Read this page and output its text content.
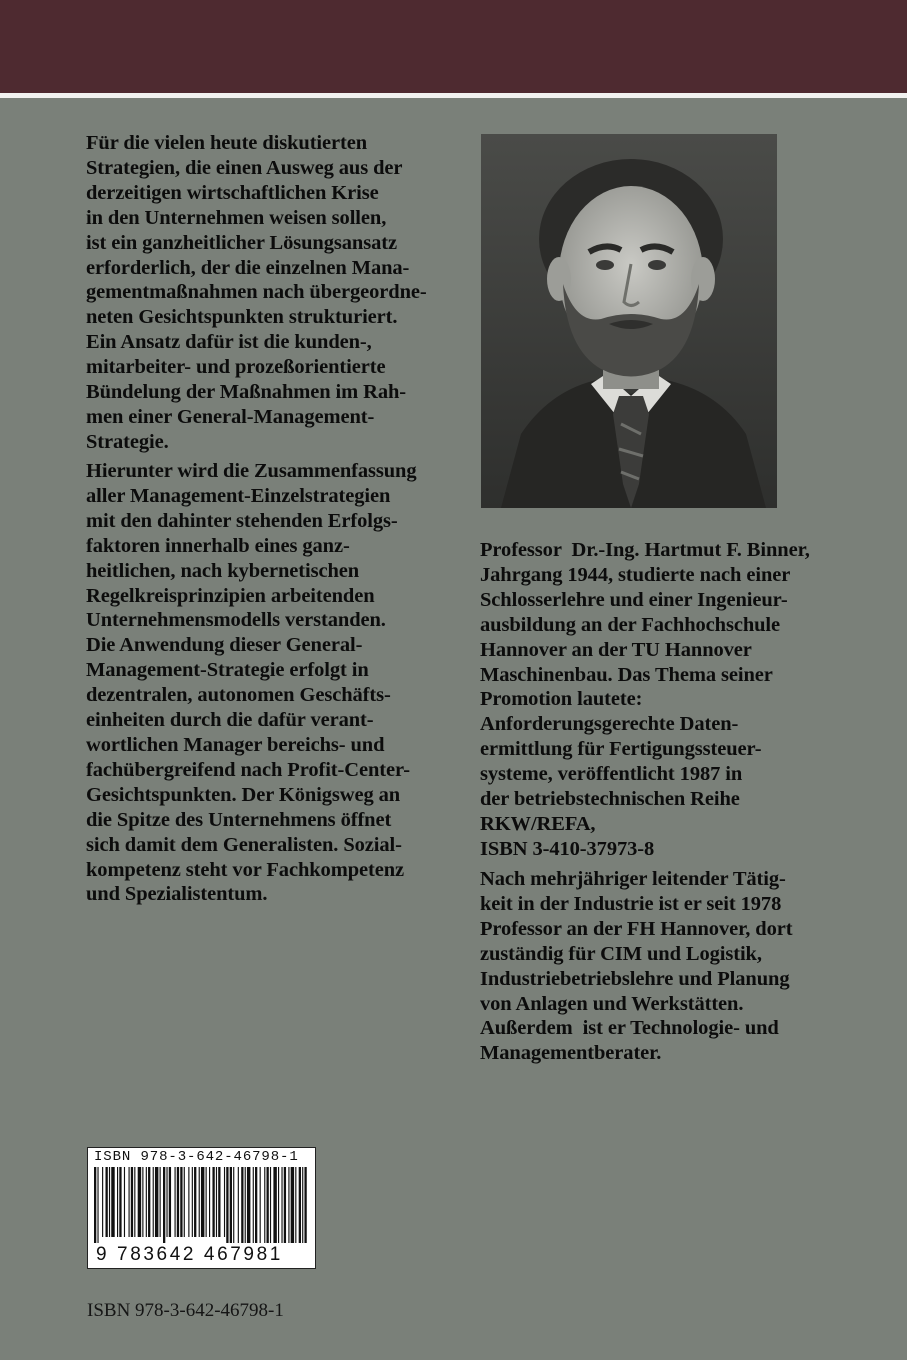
Für die vielen heute diskutierten
Strategien, die einen Ausweg aus der
derzeitigen wirtschaftlichen Krise
in den Unternehmen weisen sollen,
ist ein ganzheitlicher Lösungsansatz
erforderlich, der die einzelnen Mana-
gementmaßnahmen nach übergeordne-
neten Gesichtspunkten strukturiert.
Ein Ansatz dafür ist die kunden-,
mitarbeiter- und prozeßorientierte
Bündelung der Maßnahmen im Rah-
men einer General-Management-
Strategie.
Hierunter wird die Zusammenfassung
aller Management-Einzelstrategien
mit den dahinter stehenden Erfolgs-
faktoren innerhalb eines ganz-
heitlichen, nach kybernetischen
Regelkreisprinzipien arbeitenden
Unternehmensmodells verstanden.
Die Anwendung dieser General-
Management-Strategie erfolgt in
dezentralen, autonomen Geschäfts-
einheiten durch die dafür verant-
wortlichen Manager bereichs- und
fachübergreifend nach Profit-Center-
Gesichtspunkten. Der Königsweg an
die Spitze des Unternehmens öffnet
sich damit dem Generalisten. Sozial-
kompetenz steht vor Fachkompetenz
und Spezialistentum.
Professor  Dr.-Ing. Hartmut F. Binner,
Jahrgang 1944, studierte nach einer
Schlosserlehre und einer Ingenieur-
ausbildung an der Fachhochschule
Hannover an der TU Hannover
Maschinenbau. Das Thema seiner
Promotion lautete:
Anforderungsgerechte Daten-
ermittlung für Fertigungssteuer-
systeme, veröffentlicht 1987 in
der betriebstechnischen Reihe
RKW/REFA,
ISBN 3-410-37973-8
Nach mehrjähriger leitender Tätig-
keit in der Industrie ist er seit 1978
Professor an der FH Hannover, dort
zuständig für CIM und Logistik,
Industriebetriebslehre und Planung
von Anlagen und Werkstätten.
Außerdem  ist er Technologie- und
Managementberater.
ISBN 978-3-642-46798-1
9 783642 467981
ISBN 978-3-642-46798-1
